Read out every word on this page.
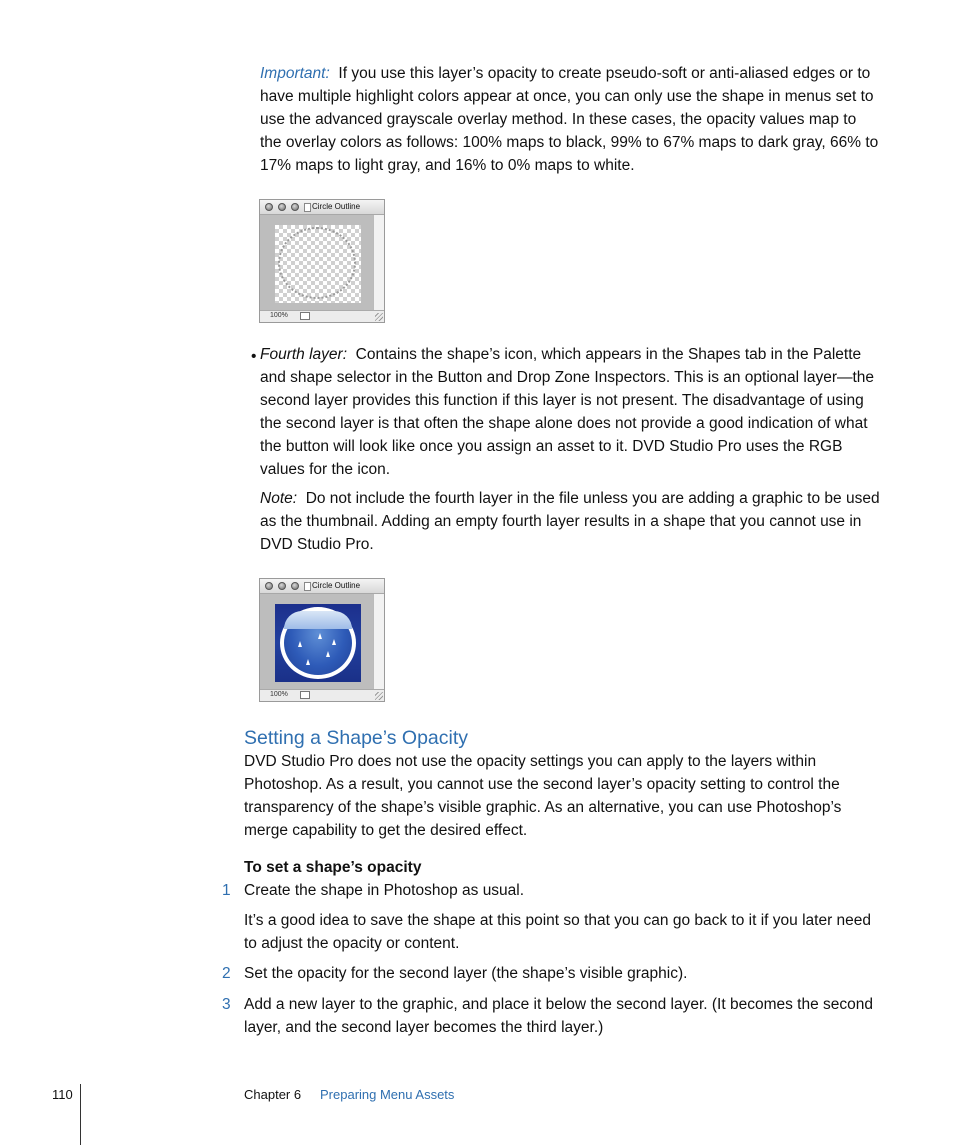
Important: If you use this layer’s opacity to create pseudo-soft or anti-aliased edges or to have multiple highlight colors appear at once, you can only use the shape in menus set to use the advanced grayscale overlay method. In these cases, the opacity values map to the overlay colors as follows: 100% maps to black, 99% to 67% maps to dark gray, 66% to 17% maps to light gray, and 16% to 0% maps to white.

Circle Outline
100%
• Fourth layer: Contains the shape’s icon, which appears in the Shapes tab in the Palette and shape selector in the Button and Drop Zone Inspectors. This is an optional layer—the second layer provides this function if this layer is not present. The disadvantage of using the second layer is that often the shape alone does not provide a good indication of what the button will look like once you assign an asset to it. DVD Studio Pro uses the RGB values for the icon.

Note: Do not include the fourth layer in the file unless you are adding a graphic to be used as the thumbnail. Adding an empty fourth layer results in a shape that you cannot use in DVD Studio Pro.

Circle Outline
100%
Setting a Shape’s Opacity

DVD Studio Pro does not use the opacity settings you can apply to the layers within Photoshop. As a result, you cannot use the second layer’s opacity setting to control the transparency of the shape’s visible graphic. As an alternative, you can use Photoshop’s merge capability to get the desired effect.

To set a shape’s opacity
1 Create the shape in Photoshop as usual.

It’s a good idea to save the shape at this point so that you can go back to it if you later need to adjust the opacity or content.

2 Set the opacity for the second layer (the shape’s visible graphic).

3 Add a new layer to the graphic, and place it below the second layer. (It becomes the second layer, and the second layer becomes the third layer.)

110	Chapter 6 Preparing Menu Assets
